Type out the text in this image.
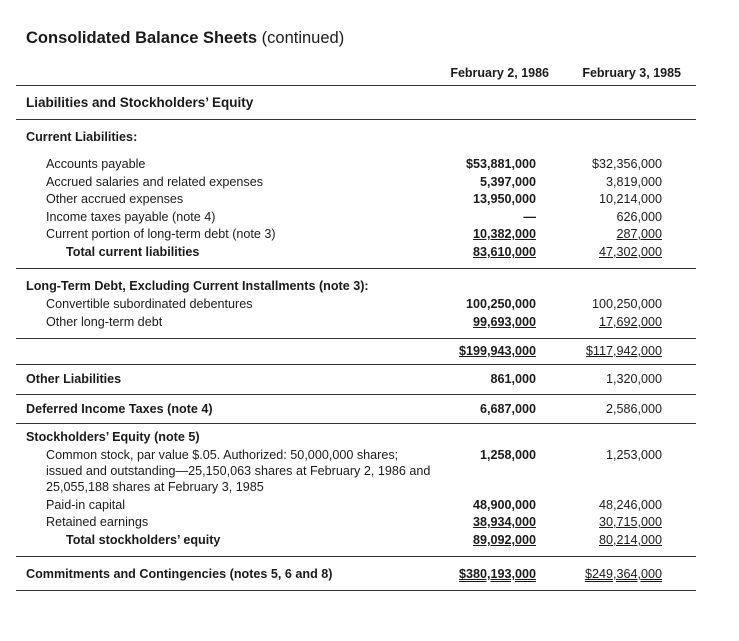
Consolidated Balance Sheets (continued)
February 2, 1986	February 3, 1985
Liabilities and Stockholders’ Equity
Current Liabilities:
Accounts payable	$53,881,000	$32,356,000
Accrued salaries and related expenses	5,397,000	3,819,000
Other accrued expenses	13,950,000	10,214,000
Income taxes payable (note 4)	—	626,000
Current portion of long-term debt (note 3)	10,382,000	287,000
Total current liabilities	83,610,000	47,302,000
Long-Term Debt, Excluding Current Installments (note 3):
Convertible subordinated debentures	100,250,000	100,250,000
Other long-term debt	99,693,000	17,692,000
$199,943,000	$117,942,000
Other Liabilities	861,000	1,320,000
Deferred Income Taxes (note 4)	6,687,000	2,586,000
Stockholders’ Equity (note 5)
Common stock, par value $.05. Authorized: 50,000,000 shares; issued and outstanding—25,150,063 shares at February 2, 1986 and 25,055,188 shares at February 3, 1985
1,258,000	1,253,000
Paid-in capital	48,900,000	48,246,000
Retained earnings	38,934,000	30,715,000
Total stockholders’ equity	89,092,000	80,214,000
Commitments and Contingencies (notes 5, 6 and 8)	$380,193,000	$249,364,000
